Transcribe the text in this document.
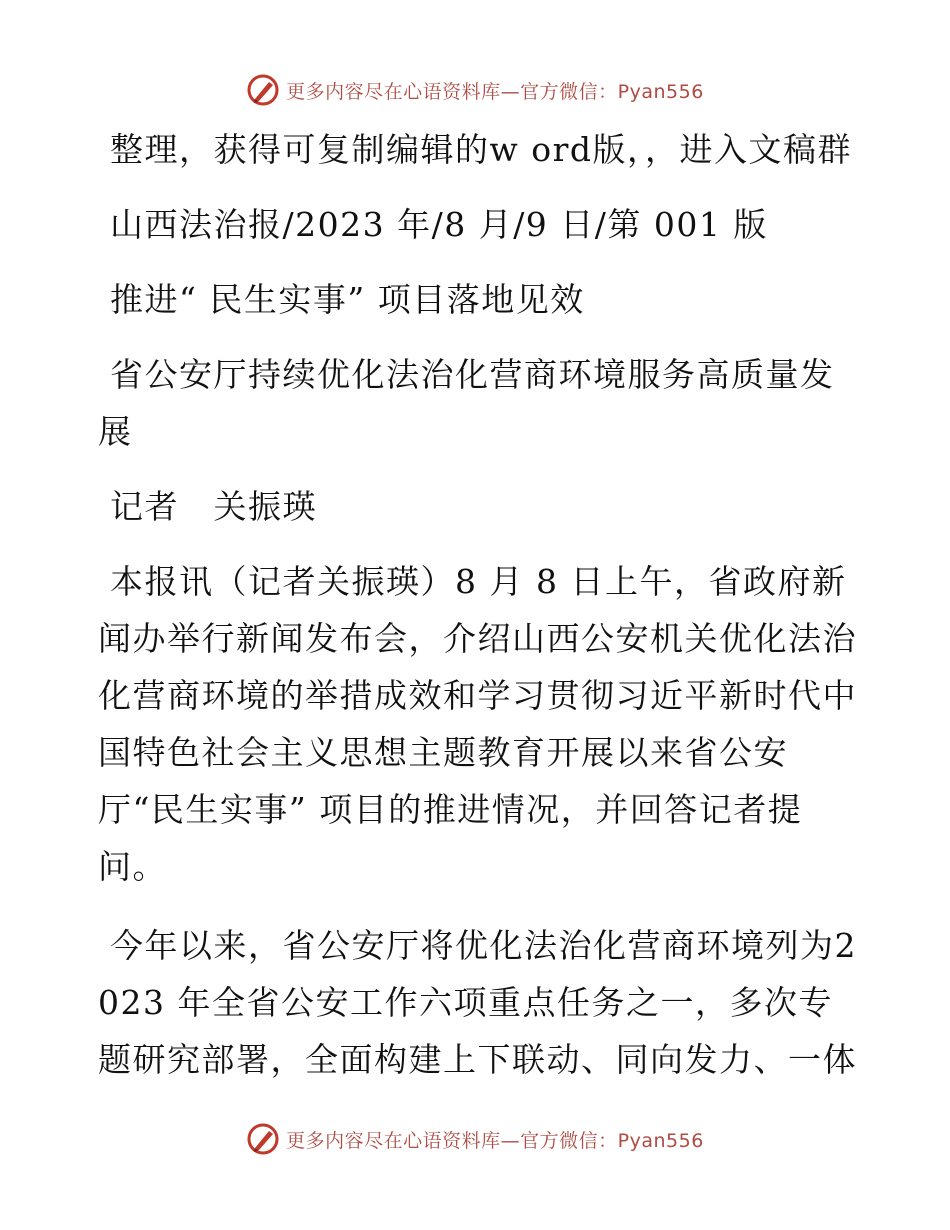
更多内容尽在心语资料库—官方微信：Pyan556

整理，获得可复制编辑的w ord版，，进入文稿群

山西法治报/2023 年/8 月/9 日/第 001 版

推进“ 民生实事” 项目落地见效

省公安厅持续优化法治化营商环境服务高质量发展

记者　关振瑛

本报讯（记者关振瑛）8 月 8 日上午，省政府新闻办举行新闻发布会，介绍山西公安机关优化法治化营商环境的举措成效和学习贯彻习近平新时代中国特色社会主义思想主题教育开展以来省公安厅“民生实事” 项目的推进情况，并回答记者提问。

今年以来，省公安厅将优化法治化营商环境列为2023 年全省公安工作六项重点任务之一，多次专题研究部署，全面构建上下联动、同向发力、一体

更多内容尽在心语资料库—官方微信：Pyan556
